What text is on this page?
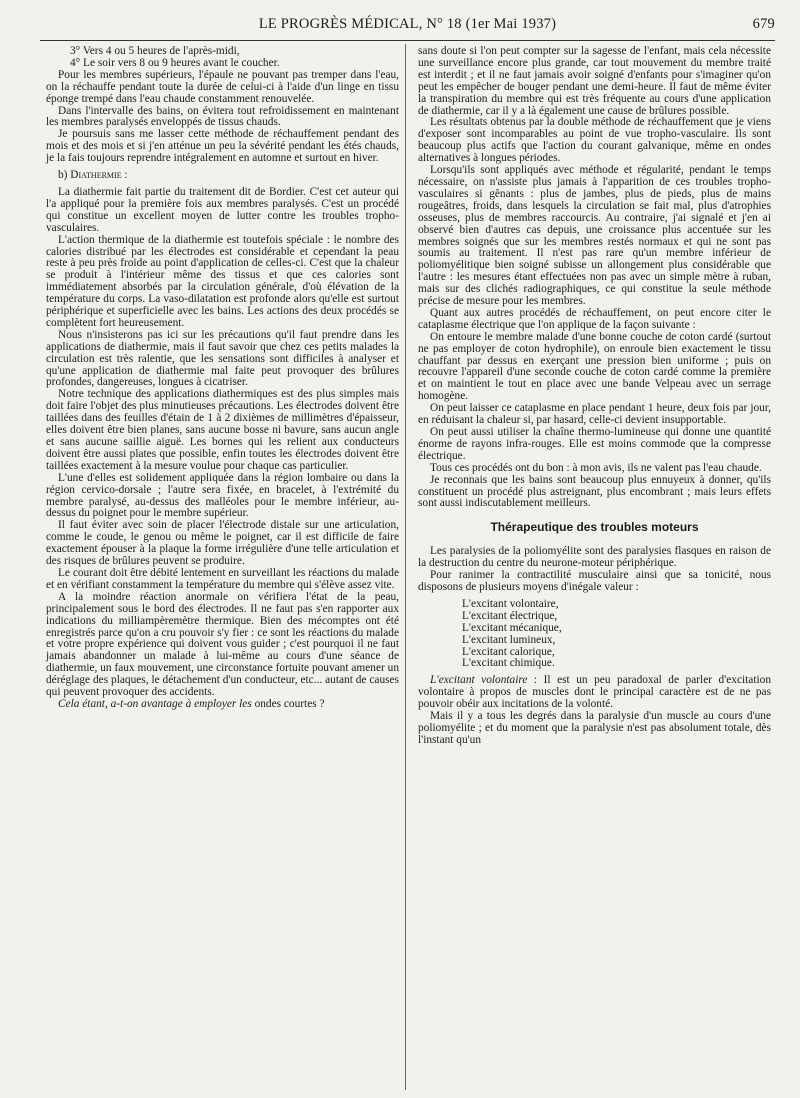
LE PROGRÈS MÉDICAL, N° 18 (1er Mai 1937)	679

3° Vers 4 ou 5 heures de l'après-midi,

4° Le soir vers 8 ou 9 heures avant le coucher.

Pour les membres supérieurs, l'épaule ne pouvant pas tremper dans l'eau, on la réchauffe pendant toute la durée de celui-ci à l'aide d'un linge en tissu éponge trempé dans l'eau chaude constamment renouvelée.

Dans l'intervalle des bains, on évitera tout refroidissement en maintenant les membres paralysés enveloppés de tissus chauds.

Je poursuis sans me lasser cette méthode de réchauffement pendant des mois et des mois et si j'en atténue un peu la sévérité pendant les étés chauds, je la fais toujours reprendre intégralement en automne et surtout en hiver.

b) Diathermie :

La diathermie fait partie du traitement dit de Bordier. C'est cet auteur qui l'a appliqué pour la première fois aux membres paralysés. C'est un procédé qui constitue un excellent moyen de lutter contre les troubles tropho-vasculaires.

L'action thermique de la diathermie est toutefois spéciale : le nombre des calories distribué par les électrodes est considérable et cependant la peau reste à peu près froide au point d'application de celles-ci. C'est que la chaleur se produit à l'intérieur même des tissus et que ces calories sont immédiatement absorbés par la circulation générale, d'où élévation de la température du corps. La vaso-dilatation est profonde alors qu'elle est surtout périphérique et superficielle avec les bains. Les actions des deux procédés se complètent fort heureusement.

Nous n'insisterons pas ici sur les précautions qu'il faut prendre dans les applications de diathermie, mais il faut savoir que chez ces petits malades la circulation est très ralentie, que les sensations sont difficiles à analyser et qu'une application de diathermie mal faite peut provoquer des brûlures profondes, dangereuses, longues à cicatriser.

Notre technique des applications diathermiques est des plus simples mais doit faire l'objet des plus minutieuses précautions. Les électrodes doivent être taillées dans des feuilles d'étain de 1 à 2 dixièmes de millimètres d'épaisseur, elles doivent être bien planes, sans aucune bosse ni bavure, sans aucun angle et sans aucune saillie aiguë. Les bornes qui les relient aux conducteurs doivent être aussi plates que possible, enfin toutes les électrodes doivent être taillées exactement à la mesure voulue pour chaque cas particulier.

L'une d'elles est solidement appliquée dans la région lombaire ou dans la région cervico-dorsale ; l'autre sera fixée, en bracelet, à l'extrémité du membre paralysé, au-dessus des malléoles pour le membre inférieur, au-dessus du poignet pour le membre supérieur.

Il faut éviter avec soin de placer l'électrode distale sur une articulation, comme le coude, le genou ou même le poignet, car il est difficile de faire exactement épouser à la plaque la forme irrégulière d'une telle articulation et des risques de brûlures peuvent se produire.

Le courant doit être débité lentement en surveillant les réactions du malade et en vérifiant constamment la température du membre qui s'élève assez vite.

A la moindre réaction anormale on vérifiera l'état de la peau, principalement sous le bord des électrodes. Il ne faut pas s'en rapporter aux indications du milliampèremètre thermique. Bien des mécomptes ont été enregistrés parce qu'on a cru pouvoir s'y fier : ce sont les réactions du malade et votre propre expérience qui doivent vous guider ; c'est pourquoi il ne faut jamais abandonner un malade à lui-même au cours d'une séance de diathermie, un faux mouvement, une circonstance fortuite pouvant amener un déréglage des plaques, le détachement d'un conducteur, etc... autant de causes qui peuvent provoquer des accidents.

Cela étant, a-t-on avantage à employer les ondes courtes ?

sans doute si l'on peut compter sur la sagesse de l'enfant, mais cela nécessite une surveillance encore plus grande, car tout mouvement du membre traité est interdit ; et il ne faut jamais avoir soigné d'enfants pour s'imaginer qu'on peut les empêcher de bouger pendant une demi-heure. Il faut de même éviter la transpiration du membre qui est très fréquente au cours d'une application de diathermie, car il y a là également une cause de brûlures possible.

Les résultats obtenus par la double méthode de réchauffement que je viens d'exposer sont incomparables au point de vue tropho-vasculaire. Ils sont beaucoup plus actifs que l'action du courant galvanique, même en ondes alternatives à longues périodes.

Lorsqu'ils sont appliqués avec méthode et régularité, pendant le temps nécessaire, on n'assiste plus jamais à l'apparition de ces troubles tropho-vasculaires si gênants : plus de jambes, plus de pieds, plus de mains rougeâtres, froids, dans lesquels la circulation se fait mal, plus d'atrophies osseuses, plus de membres raccourcis. Au contraire, j'ai signalé et j'en ai observé bien d'autres cas depuis, une croissance plus accentuée sur les membres soignés que sur les membres restés normaux et qui ne sont pas soumis au traitement. Il n'est pas rare qu'un membre inférieur de poliomyélitique bien soigné subisse un allongement plus considérable que l'autre : les mesures étant effectuées non pas avec un simple mètre à ruban, mais sur des clichés radiographiques, ce qui constitue la seule méthode précise de mesure pour les membres.

Quant aux autres procédés de réchauffement, on peut encore citer le cataplasme électrique que l'on applique de la façon suivante :

On entoure le membre malade d'une bonne couche de coton cardé (surtout ne pas employer de coton hydrophile), on enroule bien exactement le tissu chauffant par dessus en exerçant une pression bien uniforme ; puis on recouvre l'appareil d'une seconde couche de coton cardé comme la première et on maintient le tout en place avec une bande Velpeau avec un serrage homogène.

On peut laisser ce cataplasme en place pendant 1 heure, deux fois par jour, en réduisant la chaleur si, par hasard, celle-ci devient insupportable.

On peut aussi utiliser la chaîne thermo-lumineuse qui donne une quantité énorme de rayons infra-rouges. Elle est moins commode que la compresse électrique.

Tous ces procédés ont du bon : à mon avis, ils ne valent pas l'eau chaude.

Je reconnais que les bains sont beaucoup plus ennuyeux à donner, qu'ils constituent un procédé plus astreignant, plus encombrant ; mais leurs effets sont aussi indiscutablement meilleurs.

Thérapeutique des troubles moteurs

Les paralysies de la poliomyélite sont des paralysies flasques en raison de la destruction du centre du neurone-moteur périphérique.

Pour ranimer la contractilité musculaire ainsi que sa tonicité, nous disposons de plusieurs moyens d'inégale valeur :

L'excitant volontaire,

L'excitant électrique,

L'excitant mécanique,

L'excitant lumineux,

L'excitant calorique,

L'excitant chimique.

L'excitant volontaire : Il est un peu paradoxal de parler d'excitation volontaire à propos de muscles dont le principal caractère est de ne pas pouvoir obéir aux incitations de la volonté.

Mais il y a tous les degrés dans la paralysie d'un muscle au cours d'une poliomyélite ; et du moment que la paralysie n'est pas absolument totale, dès l'instant qu'un
